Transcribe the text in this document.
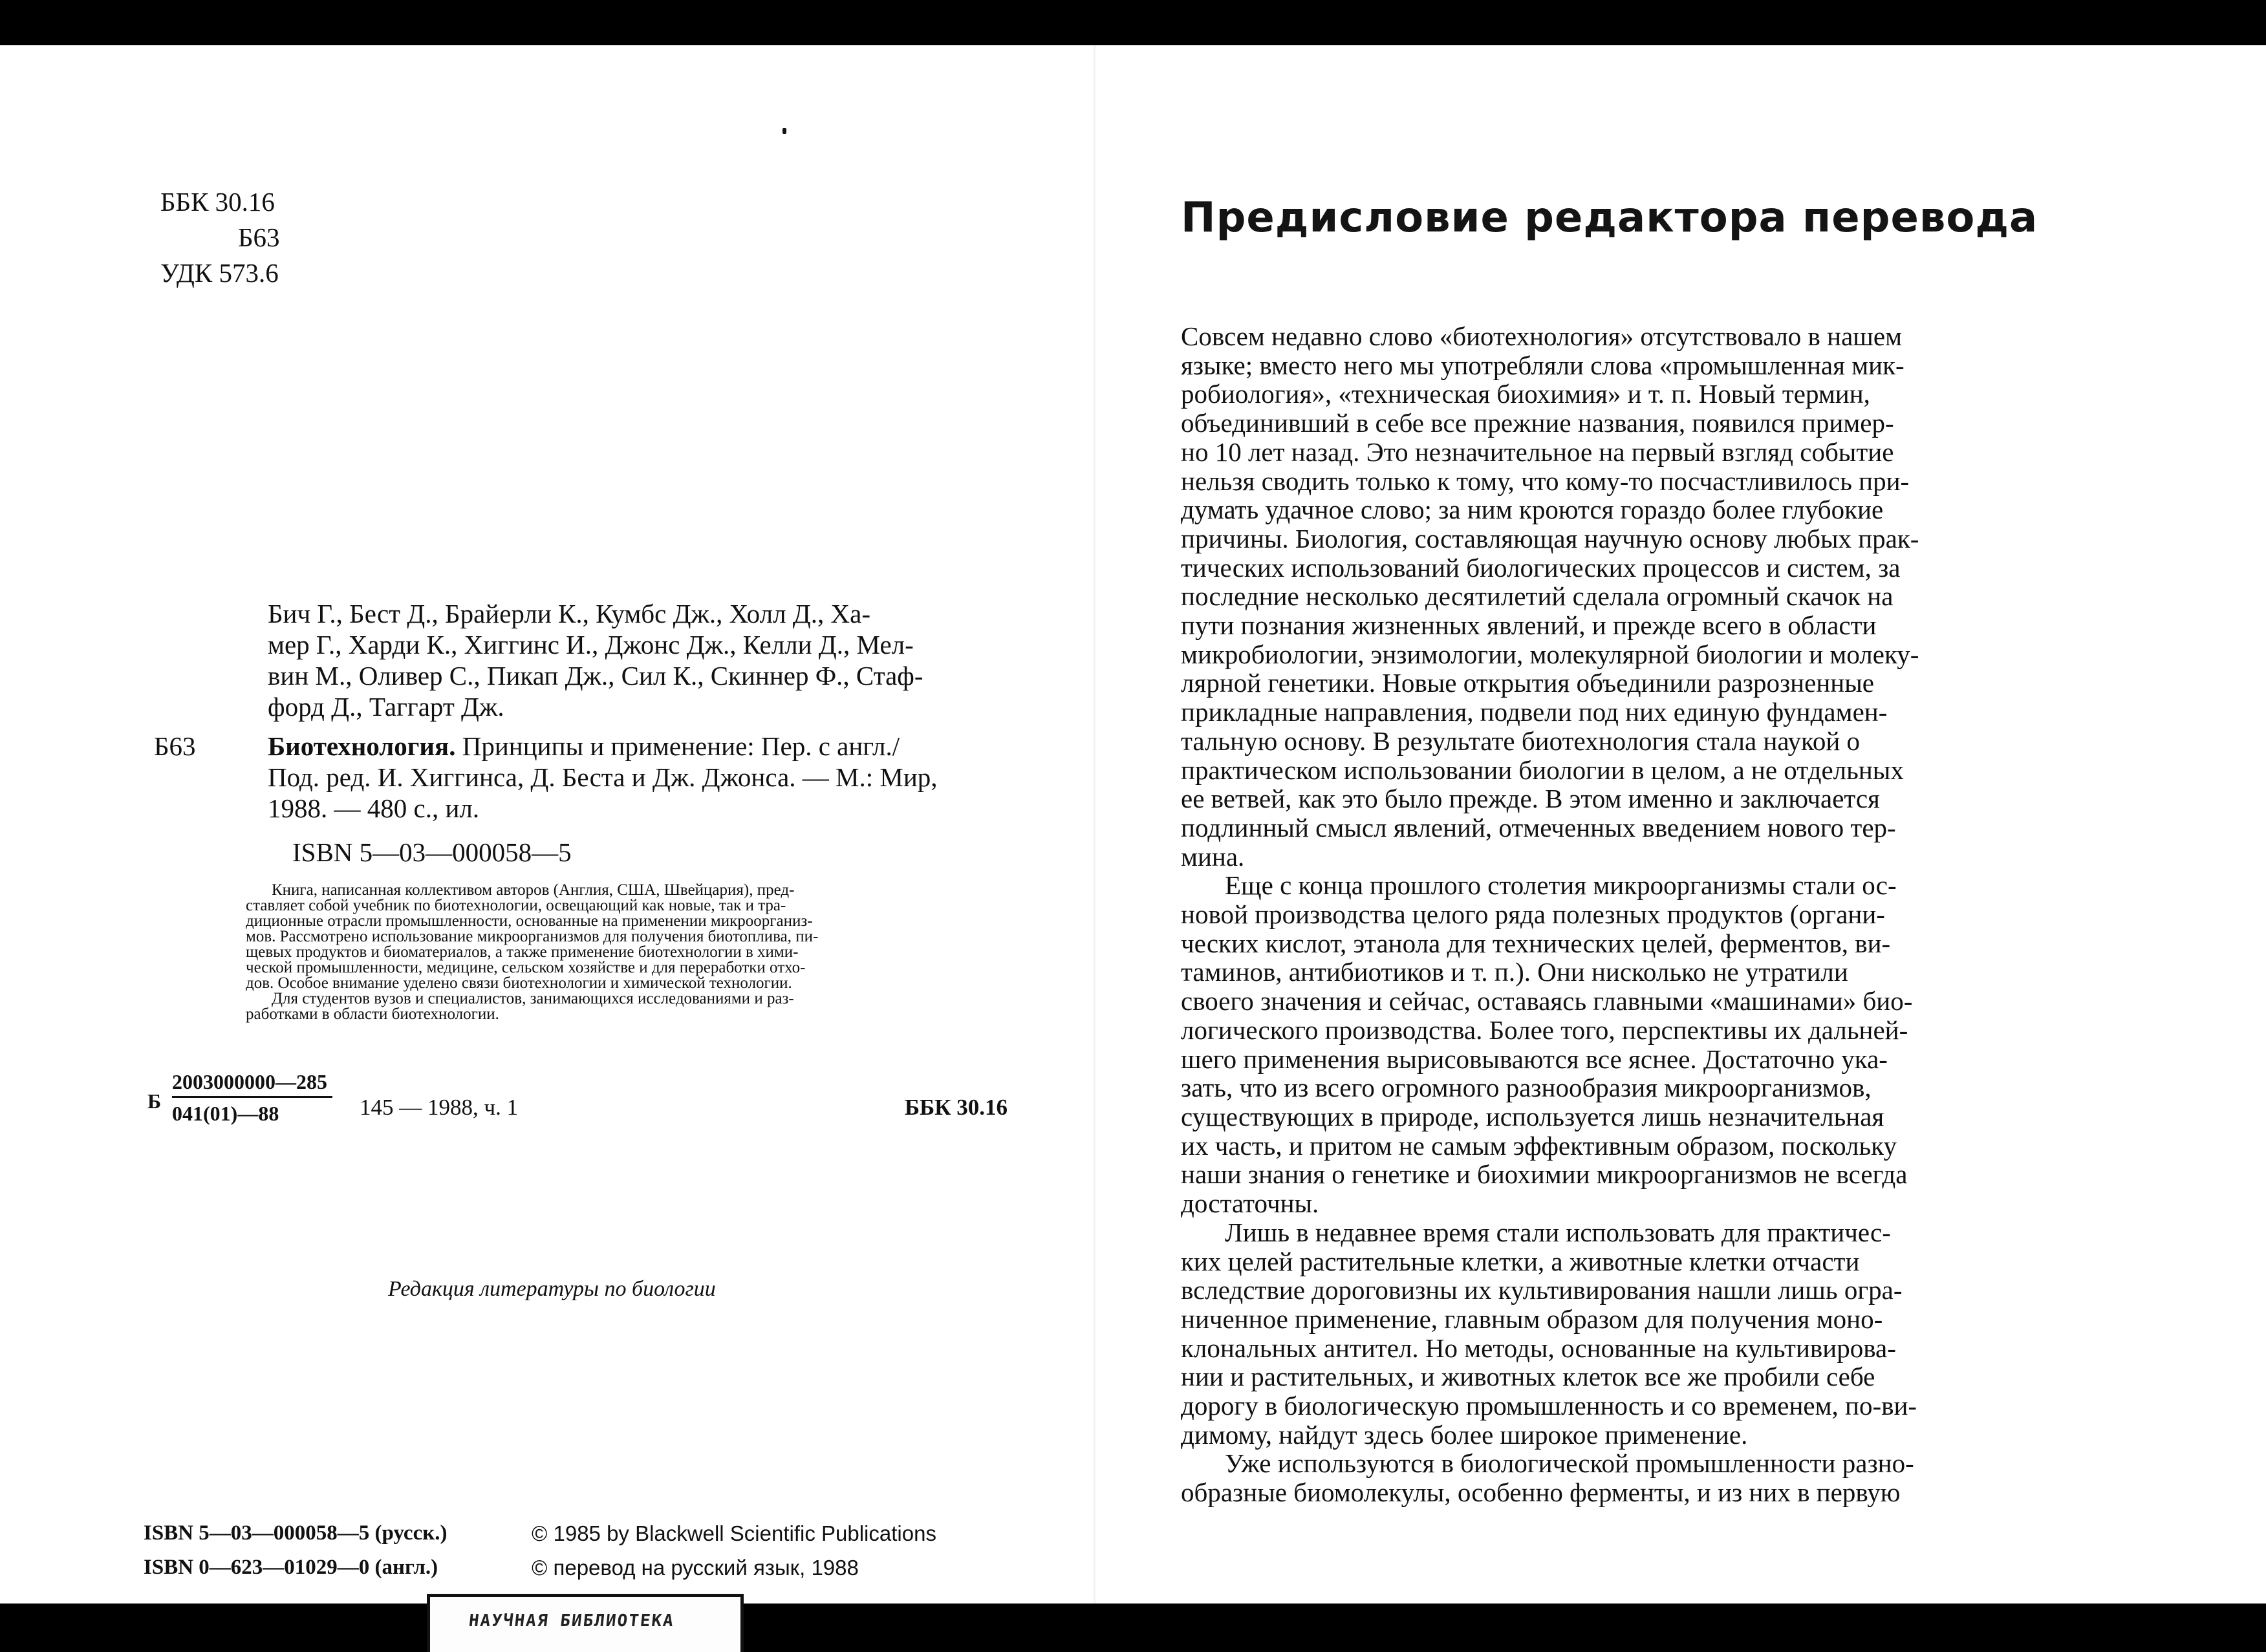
ББК 30.16
Б63
УДК 573.6
Бич Г., Бест Д., Брайерли К., Кумбс Дж., Холл Д., Ха-
мер Г., Харди К., Хиггинс И., Джонс Дж., Келли Д., Мел-
вин М., Оливер С., Пикап Дж., Сил К., Скиннер Ф., Стаф-
форд Д., Таггарт Дж.
Б63	Биотехнология. Принципы и применение: Пер. с англ./
Под. ред. И. Хиггинса, Д. Беста и Дж. Джонса. — М.: Мир,
1988. — 480 с., ил.
ISBN 5—03—000058—5
Книга, написанная коллективом авторов (Англия, США, Швейцария), пред-
ставляет собой учебник по биотехнологии, освещающий как новые, так и тра-
диционные отрасли промышленности, основанные на применении микроорганиз-
мов. Рассмотрено использование микроорганизмов для получения биотоплива, пи-
щевых продуктов и биоматериалов, а также применение биотехнологии в хими-
ческой промышленности, медицине, сельском хозяйстве и для переработки отхо-
дов. Особое внимание уделено связи биотехнологии и химической технологии.
Для студентов вузов и специалистов, занимающихся исследованиями и раз-
работками в области биотехнологии.
Б $\frac{2003000000—285}{041(01)—88} 145$ — 1988, ч. 1	ББК 30.16
Редакция литературы по биологии
ISBN 5—03—000058—5 (русск.)	© 1985 by Blackwell Scientific Publications
ISBN 0—623—01029—0 (англ.)	© перевод на русский язык, 1988
НАУЧНАЯ БИБЛИОТЕКА
Предисловие редактора перевода
Совсем недавно слово «биотехнология» отсутствовало в нашем
языке; вместо него мы употребляли слова «промышленная мик-
робиология», «техническая биохимия» и т. п. Новый термин,
объединивший в себе все прежние названия, появился пример-
но 10 лет назад. Это незначительное на первый взгляд событие
нельзя сводить только к тому, что кому-то посчастливилось при-
думать удачное слово; за ним кроются гораздо более глубокие
причины. Биология, составляющая научную основу любых прак-
тических использований биологических процессов и систем, за
последние несколько десятилетий сделала огромный скачок на
пути познания жизненных явлений, и прежде всего в области
микробиологии, энзимологии, молекулярной биологии и молеку-
лярной генетики. Новые открытия объединили разрозненные
прикладные направления, подвели под них единую фундамен-
тальную основу. В результате биотехнология стала наукой о
практическом использовании биологии в целом, а не отдельных
ее ветвей, как это было прежде. В этом именно и заключается
подлинный смысл явлений, отмеченных введением нового тер-
мина.
Еще с конца прошлого столетия микроорганизмы стали ос-
новой производства целого ряда полезных продуктов (органи-
ческих кислот, этанола для технических целей, ферментов, ви-
таминов, антибиотиков и т. п.). Они нисколько не утратили
своего значения и сейчас, оставаясь главными «машинами» био-
логического производства. Более того, перспективы их дальней-
шего применения вырисовываются все яснее. Достаточно ука-
зать, что из всего огромного разнообразия микроорганизмов,
существующих в природе, используется лишь незначительная
их часть, и притом не самым эффективным образом, поскольку
наши знания о генетике и биохимии микроорганизмов не всегда
достаточны.
Лишь в недавнее время стали использовать для практичес-
ких целей растительные клетки, а животные клетки отчасти
вследствие дороговизны их культивирования нашли лишь огра-
ниченное применение, главным образом для получения моно-
клональных антител. Но методы, основанные на культивирова-
нии и растительных, и животных клеток все же пробили себе
дорогу в биологическую промышленность и со временем, по-ви-
димому, найдут здесь более широкое применение.
Уже используются в биологической промышленности разно-
образные биомолекулы, особенно ферменты, и из них в первую
